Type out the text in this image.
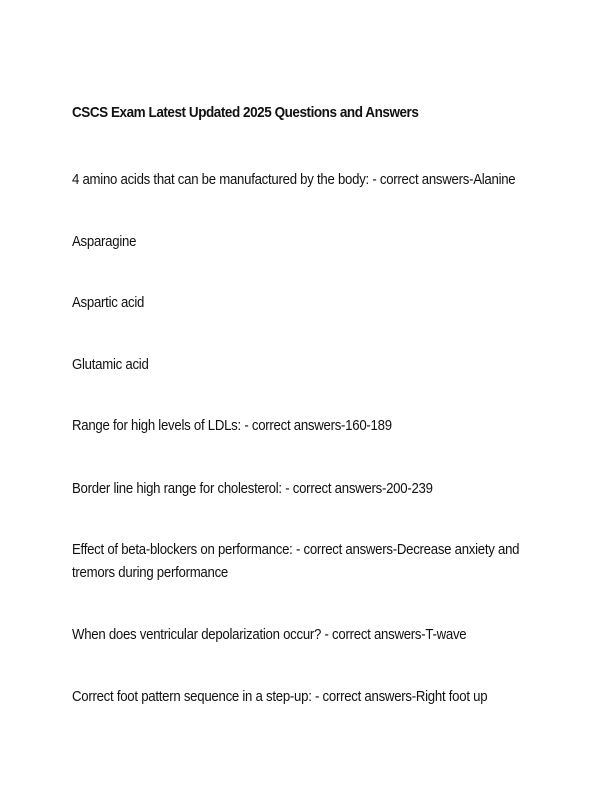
CSCS Exam Latest Updated 2025 Questions and Answers
4 amino acids that can be manufactured by the body: - correct answers-Alanine
Asparagine
Aspartic acid
Glutamic acid
Range for high levels of LDLs: - correct answers-160-189
Border line high range for cholesterol: - correct answers-200-239
Effect of beta-blockers on performance: - correct answers-Decrease anxiety and tremors during performance
When does ventricular depolarization occur? - correct answers-T-wave
Correct foot pattern sequence in a step-up: - correct answers-Right foot up
